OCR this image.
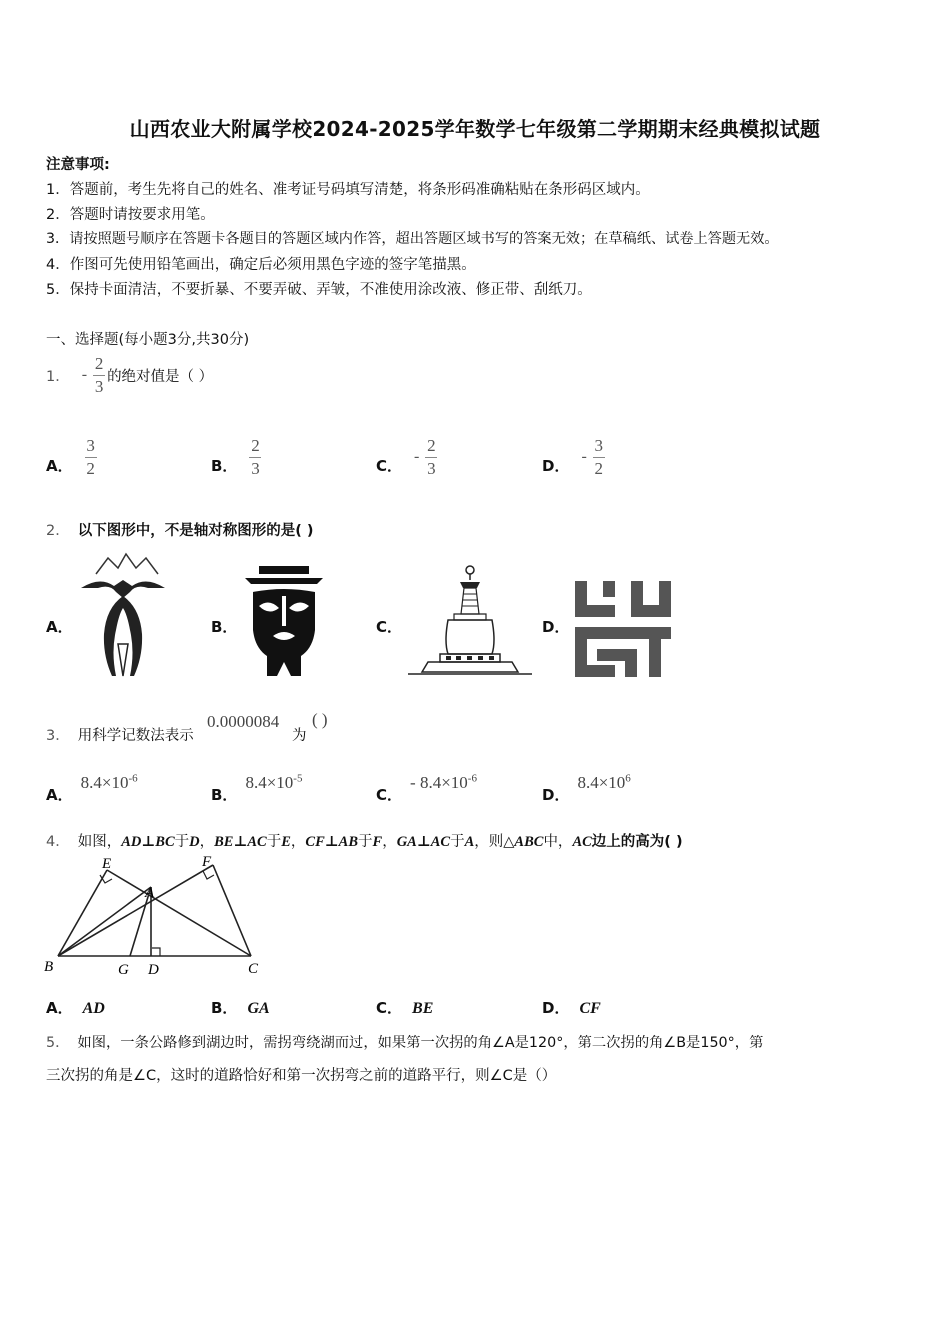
山西农业大附属学校2024-2025学年数学七年级第二学期期末经典模拟试题
注意事项:
1．答题前，考生先将自己的姓名、准考证号码填写清楚，将条形码准确粘贴在条形码区域内。
2．答题时请按要求用笔。
3．请按照题号顺序在答题卡各题目的答题区域内作答，超出答题区域书写的答案无效；在草稿纸、试卷上答题无效。
4．作图可先使用铅笔画出，确定后必须用黑色字迹的签字笔描黑。
5．保持卡面清洁，不要折暴、不要弄破、弄皱，不准使用涂改液、修正带、刮纸刀。
一、选择题(每小题3分,共30分)
1． - $\frac{2}{3}$ 的绝对值是（ ）
A． $\frac{3}{2}$	B． $\frac{2}{3}$	C． - $\frac{2}{3}$	D． - $\frac{3}{2}$
2． 以下图形中，不是轴对称图形的是( )
A．	B．	C．	D．
3． 用科学记数法表示
0.0000084
为
( )
A．$8.4\times 10^{-6}$
B．$8.4\times 10^{-5}$
C．- $8.4\times 10^{-6}$
D．$8.4\times 10^6$
4． 如图，AD⊥BC于D，BE⊥AC于E，CF⊥AB于F，GA⊥AC于A，则△ABC中，AC边上的高为( )
E	F
A
B	G D	C
A． AD	B． GA	C． BE	D． CF
5． 如图，一条公路修到湖边时，需拐弯绕湖而过，如果第一次拐的角∠A是120°，第二次拐的角∠B是150°，第
三次拐的角是∠C，这时的道路恰好和第一次拐弯之前的道路平行，则∠C是（）
